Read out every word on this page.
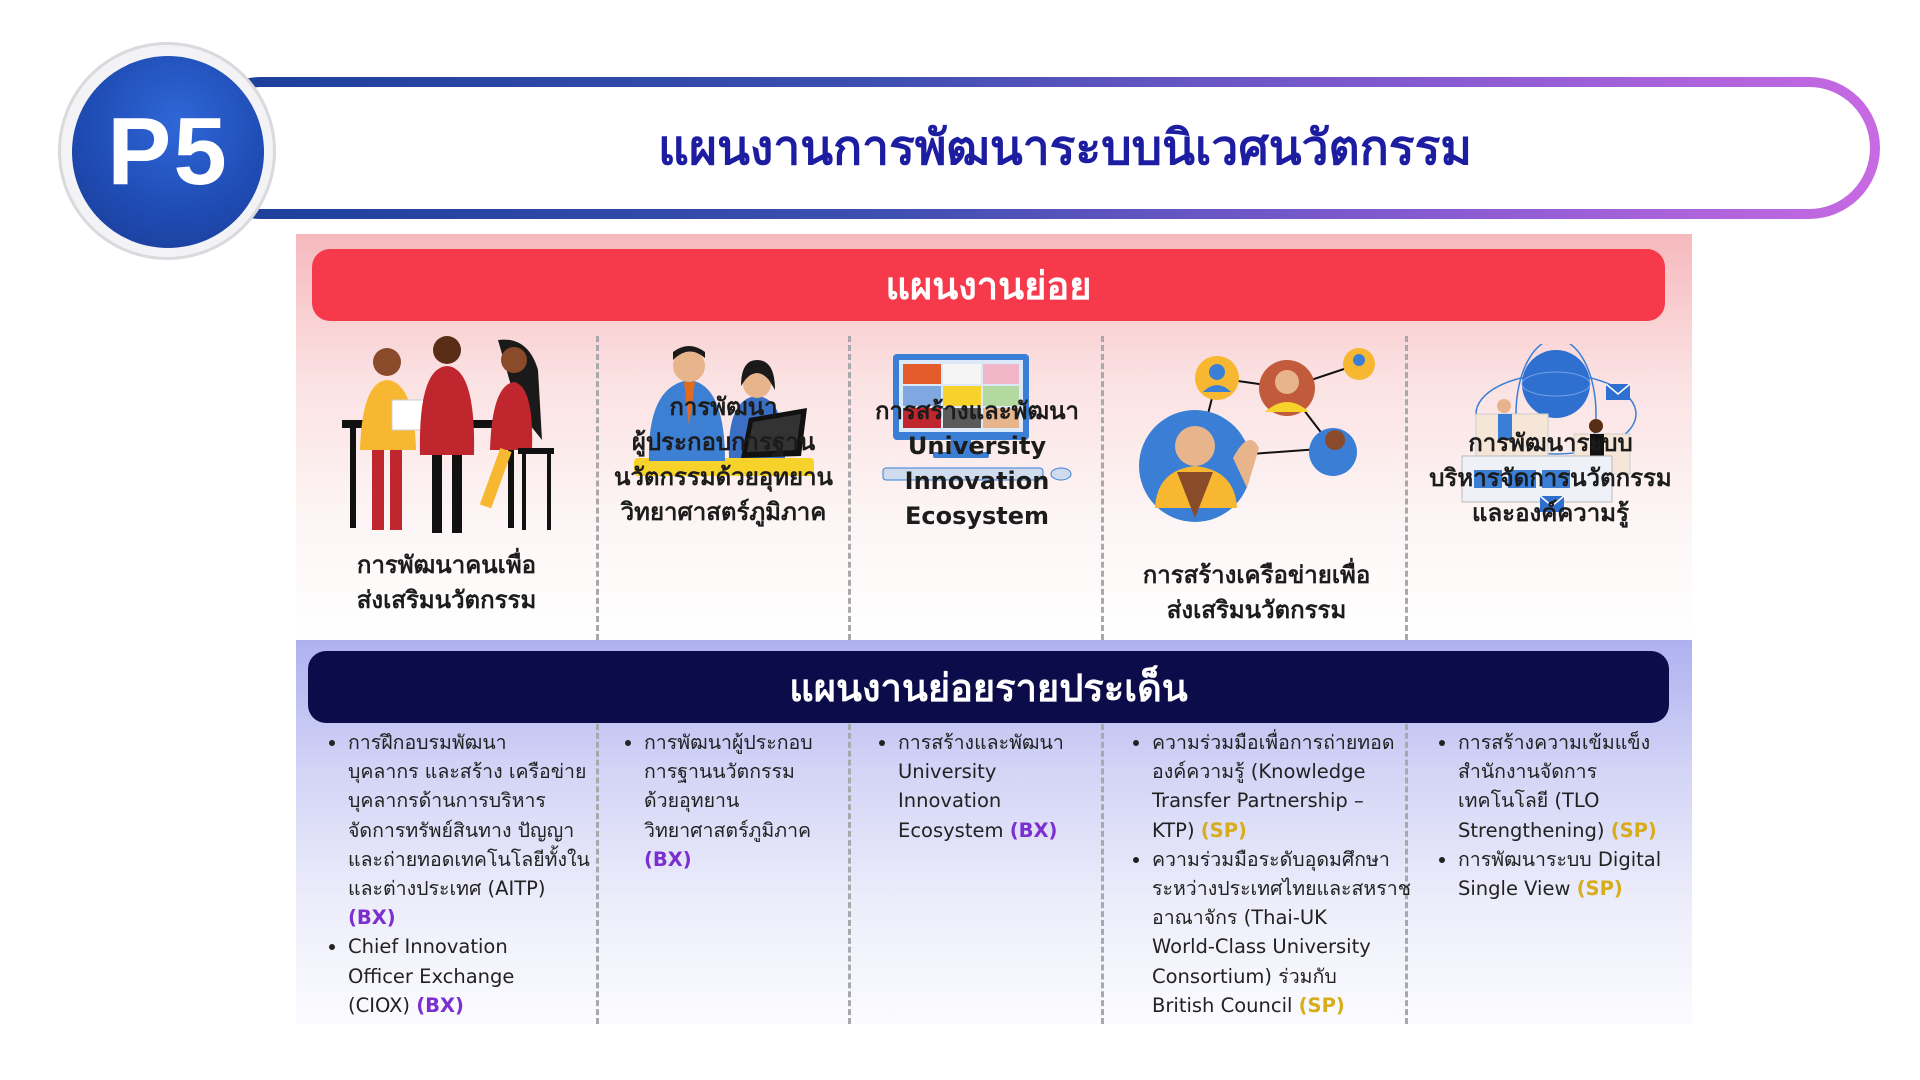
แผนงานการพัฒนาระบบนิเวศนวัตกรรม
P5
แผนงานย่อย
การพัฒนาคนเพื่อ
ส่งเสริมนวัตกรรม
การพัฒนา
ผู้ประกอบการฐาน
นวัตกรรมด้วยอุทยาน
วิทยาศาสตร์ภูมิภาค
การสร้างและพัฒนา
University
Innovation
Ecosystem
การสร้างเครือข่ายเพื่อ
ส่งเสริมนวัตกรรม
การพัฒนาระบบ
บริหารจัดการนวัตกรรม
และองค์ความรู้
แผนงานย่อยรายประเด็น
• การฝึกอบรมพัฒนา
บุคลากร และสร้าง เครือข่าย
บุคลากรด้านการบริหาร
จัดการทรัพย์สินทาง ปัญญา
และถ่ายทอดเทคโนโลยีทั้งใน
และต่างประเทศ (AITP)
(BX)
• Chief Innovation
Officer Exchange
(CIOX) (BX)
• การพัฒนาผู้ประกอบ
การฐานนวัตกรรม
ด้วยอุทยาน
วิทยาศาสตร์ภูมิภาค
(BX)
• การสร้างและพัฒนา
University
Innovation
Ecosystem (BX)
• ความร่วมมือเพื่อการถ่ายทอด
องค์ความรู้ (Knowledge
Transfer Partnership –
KTP) (SP)
• ความร่วมมือระดับอุดมศึกษา
ระหว่างประเทศไทยและสหราช
อาณาจักร (Thai-UK
World-Class University
Consortium) ร่วมกับ
British Council (SP)
• การสร้างความเข้มแข็ง
สำนักงานจัดการ
เทคโนโลยี (TLO
Strengthening) (SP)
• การพัฒนาระบบ Digital
Single View (SP)
